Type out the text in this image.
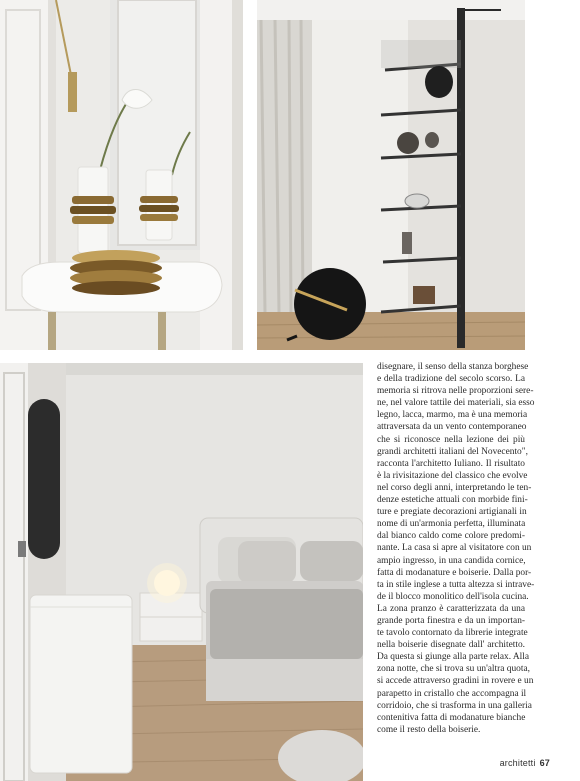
disegnare, il senso della stanza borghese
e della tradizione del secolo scorso. La
memoria si ritrova nelle proporzioni sere-
ne, nel valore tattile dei materiali, sia esso
legno, lacca, marmo, ma è una memoria
attraversata da un vento contemporaneo
che si riconosce nella lezione dei più
grandi architetti italiani del Novecento",
racconta l'architetto Iuliano. Il risultato
è la rivisitazione del classico che evolve
nel corso degli anni, interpretando le ten-
denze estetiche attuali con morbide fini-
ture e pregiate decorazioni artigianali in
nome di un'armonia perfetta, illuminata
dal bianco caldo come colore predomi-
nante. La casa si apre al visitatore con un
ampio ingresso, in una candida cornice,
fatta di modanature e boiserie. Dalla por-
ta in stile inglese a tutta altezza si intrave-
de il blocco monolitico dell'isola cucina.
La zona pranzo è caratterizzata da una
grande porta finestra e da un importan-
te tavolo contornato da librerie integrate
nella boiserie disegnate dall' architetto.
Da questa si giunge alla parte relax. Alla
zona notte, che si trova su un'altra quota,
si accede attraverso gradini in rovere e un
parapetto in cristallo che accompagna il
corridoio, che si trasforma in una galleria
contenitiva fatta di modanature bianche
come il resto della boiserie.

architetti 67
